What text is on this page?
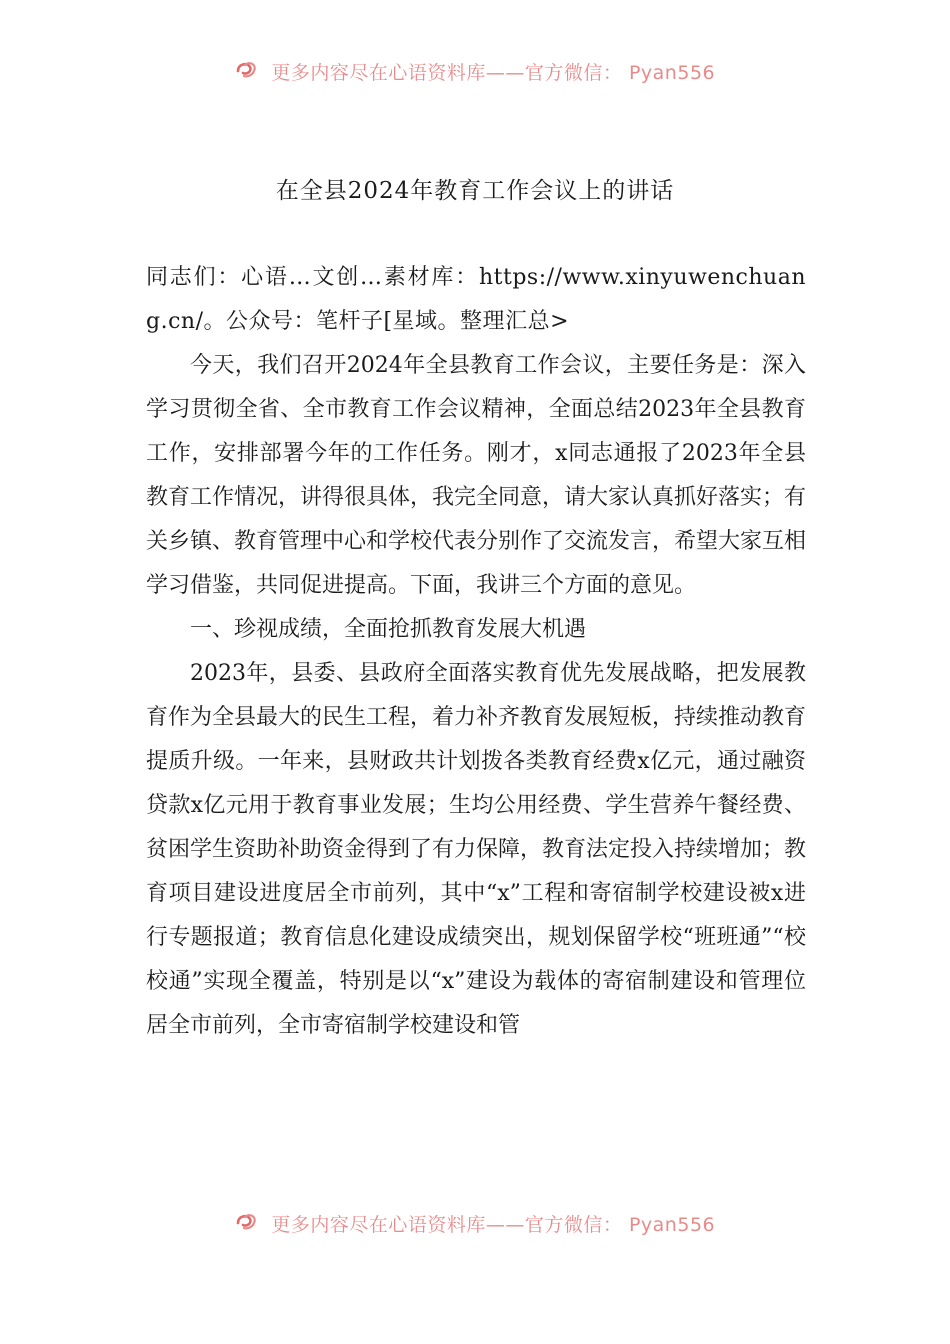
更多内容尽在心语资料库——官方微信： Pyan556
在全县2024年教育工作会议上的讲话

同志们：心语…文创…素材库：https://www.xinyuwenchuang.cn/。公众号：笔杆子[星域。整理汇总>

今天，我们召开2024年全县教育工作会议，主要任务是：深入学习贯彻全省、全市教育工作会议精神，全面总结2023年全县教育工作，安排部署今年的工作任务。刚才，x同志通报了2023年全县教育工作情况，讲得很具体，我完全同意，请大家认真抓好落实；有关乡镇、教育管理中心和学校代表分别作了交流发言，希望大家互相学习借鉴，共同促进提高。下面，我讲三个方面的意见。

一、珍视成绩，全面抢抓教育发展大机遇

2023年，县委、县政府全面落实教育优先发展战略，把发展教育作为全县最大的民生工程，着力补齐教育发展短板，持续推动教育提质升级。一年来，县财政共计划拨各类教育经费x亿元，通过融资贷款x亿元用于教育事业发展；生均公用经费、学生营养午餐经费、贫困学生资助补助资金得到了有力保障，教育法定投入持续增加；教育项目建设进度居全市前列，其中“x”工程和寄宿制学校建设被x进行专题报道；教育信息化建设成绩突出，规划保留学校“班班通”“校校通”实现全覆盖，特别是以“x”建设为载体的寄宿制建设和管理位居全市前列，全市寄宿制学校建设和管

更多内容尽在心语资料库——官方微信： Pyan556
